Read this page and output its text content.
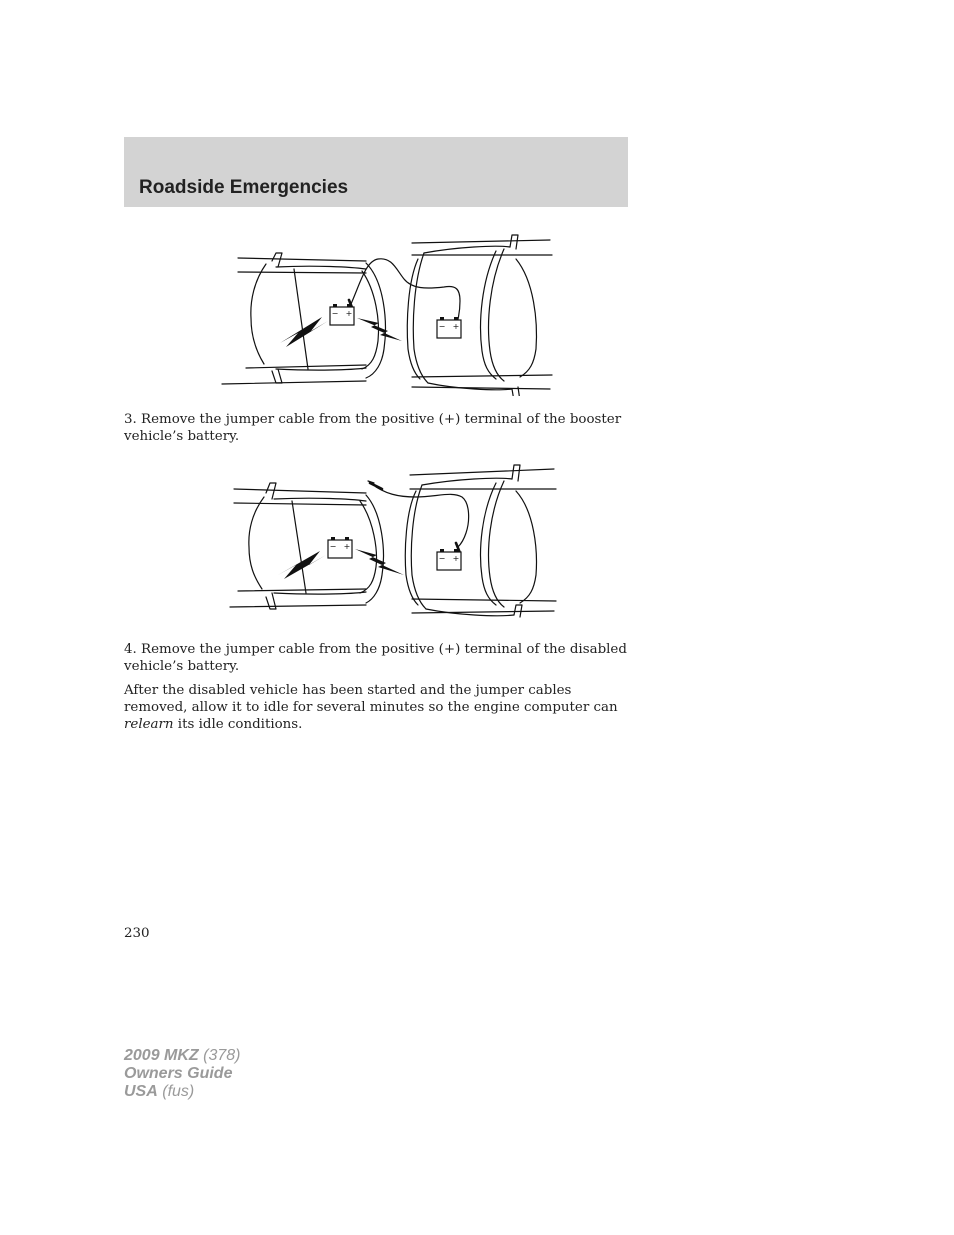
Roadside Emergencies
− +
− +

3. Remove the jumper cable from the positive (+) terminal of the booster vehicle’s battery.

− +
− +

4. Remove the jumper cable from the positive (+) terminal of the disabled vehicle’s battery.

After the disabled vehicle has been started and the jumper cables removed, allow it to idle for several minutes so the engine computer can relearn its idle conditions.

230

2009 MKZ (378)
Owners Guide
USA (fus)
